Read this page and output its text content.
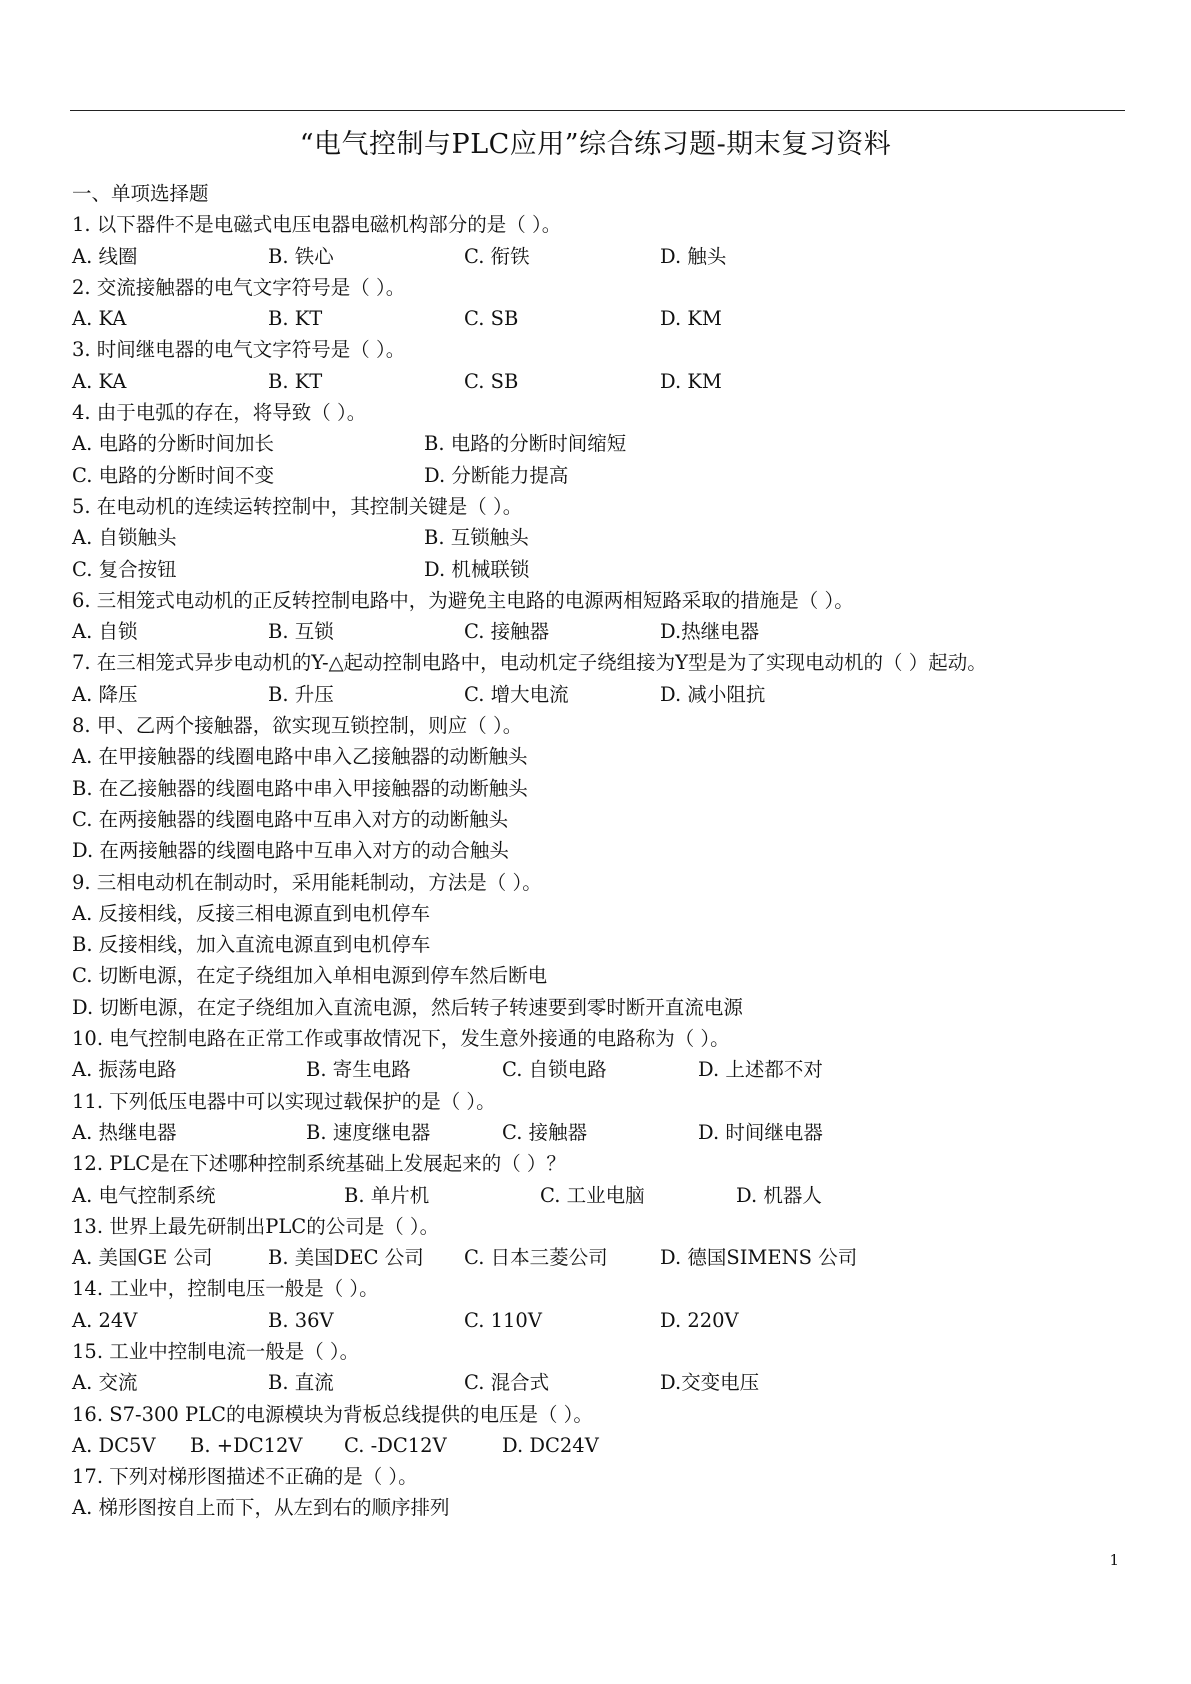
“电气控制与PLC应用”综合练习题-期末复习资料
一、单项选择题
1. 以下器件不是电磁式电压电器电磁机构部分的是（ ）。
A. 线圈	B. 铁心	C. 衔铁	D. 触头
2. 交流接触器的电气文字符号是（ ）。
A. KA	B. KT	C. SB	D. KM
3. 时间继电器的电气文字符号是（ ）。
A. KA	B. KT	C. SB	D. KM
4. 由于电弧的存在，将导致（ ）。
A. 电路的分断时间加长	B. 电路的分断时间缩短
C. 电路的分断时间不变	D. 分断能力提高
5. 在电动机的连续运转控制中，其控制关键是（ ）。
A. 自锁触头	B. 互锁触头
C. 复合按钮	D. 机械联锁
6. 三相笼式电动机的正反转控制电路中，为避免主电路的电源两相短路采取的措施是（ ）。
A. 自锁	B. 互锁	C. 接触器	D.热继电器
7. 在三相笼式异步电动机的Y-△起动控制电路中，电动机定子绕组接为Y型是为了实现电动机的（ ）起动。
A. 降压	B. 升压	C. 增大电流	D. 减小阻抗
8. 甲、乙两个接触器，欲实现互锁控制，则应（ ）。
A. 在甲接触器的线圈电路中串入乙接触器的动断触头
B. 在乙接触器的线圈电路中串入甲接触器的动断触头
C. 在两接触器的线圈电路中互串入对方的动断触头
D. 在两接触器的线圈电路中互串入对方的动合触头
9. 三相电动机在制动时，采用能耗制动，方法是（ ）。
A. 反接相线，反接三相电源直到电机停车
B. 反接相线，加入直流电源直到电机停车
C. 切断电源，在定子绕组加入单相电源到停车然后断电
D. 切断电源，在定子绕组加入直流电源，然后转子转速要到零时断开直流电源
10. 电气控制电路在正常工作或事故情况下，发生意外接通的电路称为（ ）。
A. 振荡电路	B. 寄生电路	C. 自锁电路	D. 上述都不对
11. 下列低压电器中可以实现过载保护的是（ ）。
A. 热继电器	B. 速度继电器	C. 接触器	D. 时间继电器
12. PLC是在下述哪种控制系统基础上发展起来的（ ）？
A. 电气控制系统	B. 单片机	C. 工业电脑	D. 机器人
13. 世界上最先研制出PLC的公司是（ ）。
A. 美国GE 公司	B. 美国DEC 公司 C. 日本三菱公司	D. 德国SIMENS 公司
14. 工业中，控制电压一般是（ ）。
A. 24V	B. 36V	C. 110V	D. 220V
15. 工业中控制电流一般是（ ）。
A. 交流	B. 直流	C. 混合式	D.交变电压
16. S7-300 PLC的电源模块为背板总线提供的电压是（ ）。
A. DC5V B. +DC12V C. -DC12V	D. DC24V
17. 下列对梯形图描述不正确的是（ ）。
A. 梯形图按自上而下，从左到右的顺序排列
1
